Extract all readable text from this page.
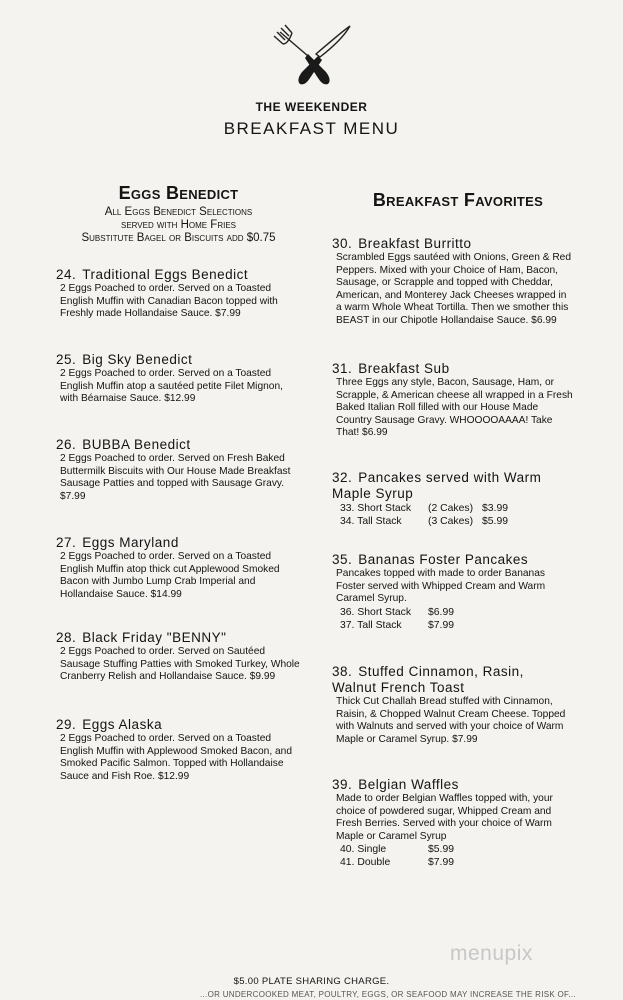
THE WEEKENDER
BREAKFAST MENU
Eggs Benedict
All Eggs Benedict Selections
served with Home Fries
Substitute Bagel or Biscuits add $0.75
24. Traditional Eggs Benedict
2 Eggs Poached to order. Served on a Toasted
English Muffin with Canadian Bacon topped with
Freshly made Hollandaise Sauce. $7.99
25. Big Sky Benedict
2 Eggs Poached to order. Served on a Toasted
English Muffin atop a sautéed petite Filet Mignon,
with Béarnaise Sauce. $12.99
26. BUBBA Benedict
2 Eggs Poached to order. Served on Fresh Baked
Buttermilk Biscuits with Our House Made Breakfast
Sausage Patties and topped with Sausage Gravy.
$7.99
27. Eggs Maryland
2 Eggs Poached to order. Served on a Toasted
English Muffin atop thick cut Applewood Smoked
Bacon with Jumbo Lump Crab Imperial and
Hollandaise Sauce. $14.99
28. Black Friday "BENNY"
2 Eggs Poached to order. Served on Sautéed
Sausage Stuffing Patties with Smoked Turkey, Whole
Cranberry Relish and Hollandaise Sauce. $9.99
29. Eggs Alaska
2 Eggs Poached to order. Served on a Toasted
English Muffin with Applewood Smoked Bacon, and
Smoked Pacific Salmon. Topped with Hollandaise
Sauce and Fish Roe. $12.99
Breakfast Favorites
30. Breakfast Burritto
Scrambled Eggs sautéed with Onions, Green & Red
Peppers. Mixed with your Choice of Ham, Bacon,
Sausage, or Scrapple and topped with Cheddar,
American, and Monterey Jack Cheeses wrapped in
a warm Whole Wheat Tortilla. Then we smother this
BEAST in our Chipotle Hollandaise Sauce. $6.99
31. Breakfast Sub
Three Eggs any style, Bacon, Sausage, Ham, or
Scrapple, & American cheese all wrapped in a Fresh
Baked Italian Roll filled with our House Made
Country Sausage Gravy. WHOOOOAAAA! Take
That! $6.99
32. Pancakes served with Warm
Maple Syrup
33. Short Stack	(2 Cakes) $3.99
34. Tall Stack	(3 Cakes) $5.99
35. Bananas Foster Pancakes
Pancakes topped with made to order Bananas
Foster served with Whipped Cream and Warm
Caramel Syrup.
36. Short Stack	$6.99
37. Tall Stack	$7.99
38. Stuffed Cinnamon, Rasin,
Walnut French Toast
Thick Cut Challah Bread stuffed with Cinnamon,
Raisin, & Chopped Walnut Cream Cheese. Topped
with Walnuts and served with your choice of Warm
Maple or Caramel Syrup. $7.99
39. Belgian Waffles
Made to order Belgian Waffles topped with, your
choice of powdered sugar, Whipped Cream and
Fresh Berries. Served with your choice of Warm
Maple or Caramel Syrup
40. Single	$5.99
41. Double	$7.99
$5.00 PLATE SHARING CHARGE.
...OR UNDERCOOKED MEAT, POULTRY, EGGS, OR SEAFOOD MAY INCREASE THE RISK OF...
menupix
